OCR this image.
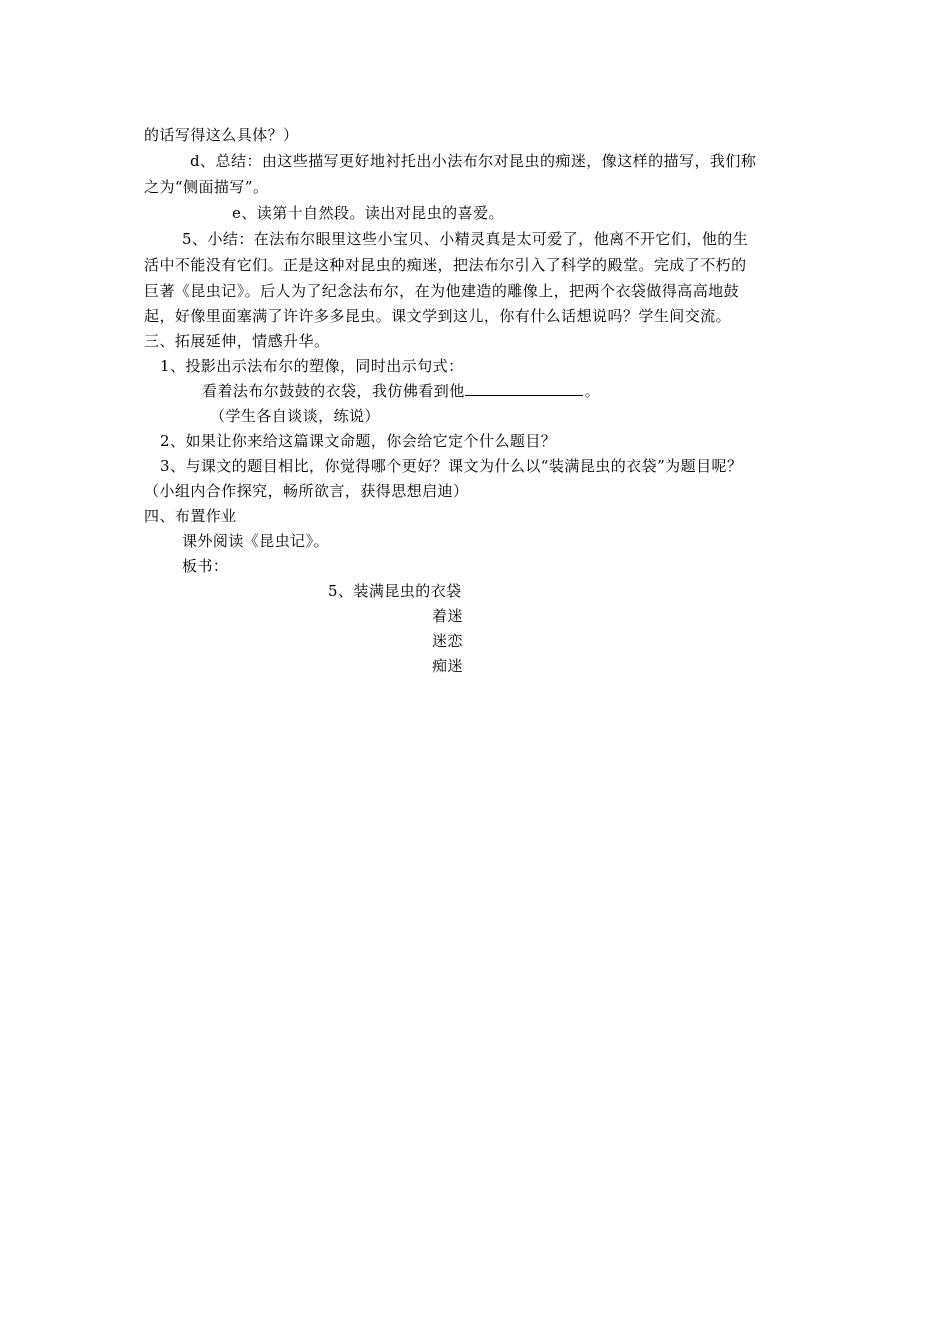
的话写得这么具体？）
d、总结：由这些描写更好地衬托出小法布尔对昆虫的痴迷，像这样的描写，我们称
之为“侧面描写”。
e、读第十自然段。读出对昆虫的喜爱。
5、小结：在法布尔眼里这些小宝贝、小精灵真是太可爱了，他离不开它们，他的生
活中不能没有它们。正是这种对昆虫的痴迷，把法布尔引入了科学的殿堂。完成了不朽的
巨著《昆虫记》。后人为了纪念法布尔，在为他建造的雕像上，把两个衣袋做得高高地鼓
起，好像里面塞满了许许多多昆虫。课文学到这儿，你有什么话想说吗？学生间交流。
三、拓展延伸，情感升华。
1、投影出示法布尔的塑像，同时出示句式：
看着法布尔鼓鼓的衣袋，我仿佛看到他	。
（学生各自谈谈，练说）
2、如果让你来给这篇课文命题，你会给它定个什么题目？
3、与课文的题目相比，你觉得哪个更好？课文为什么以“装满昆虫的衣袋”为题目呢？
（小组内合作探究，畅所欲言，获得思想启迪）
四、布置作业
课外阅读《昆虫记》。
板书：
5、装满昆虫的衣袋
着迷
迷恋
痴迷
